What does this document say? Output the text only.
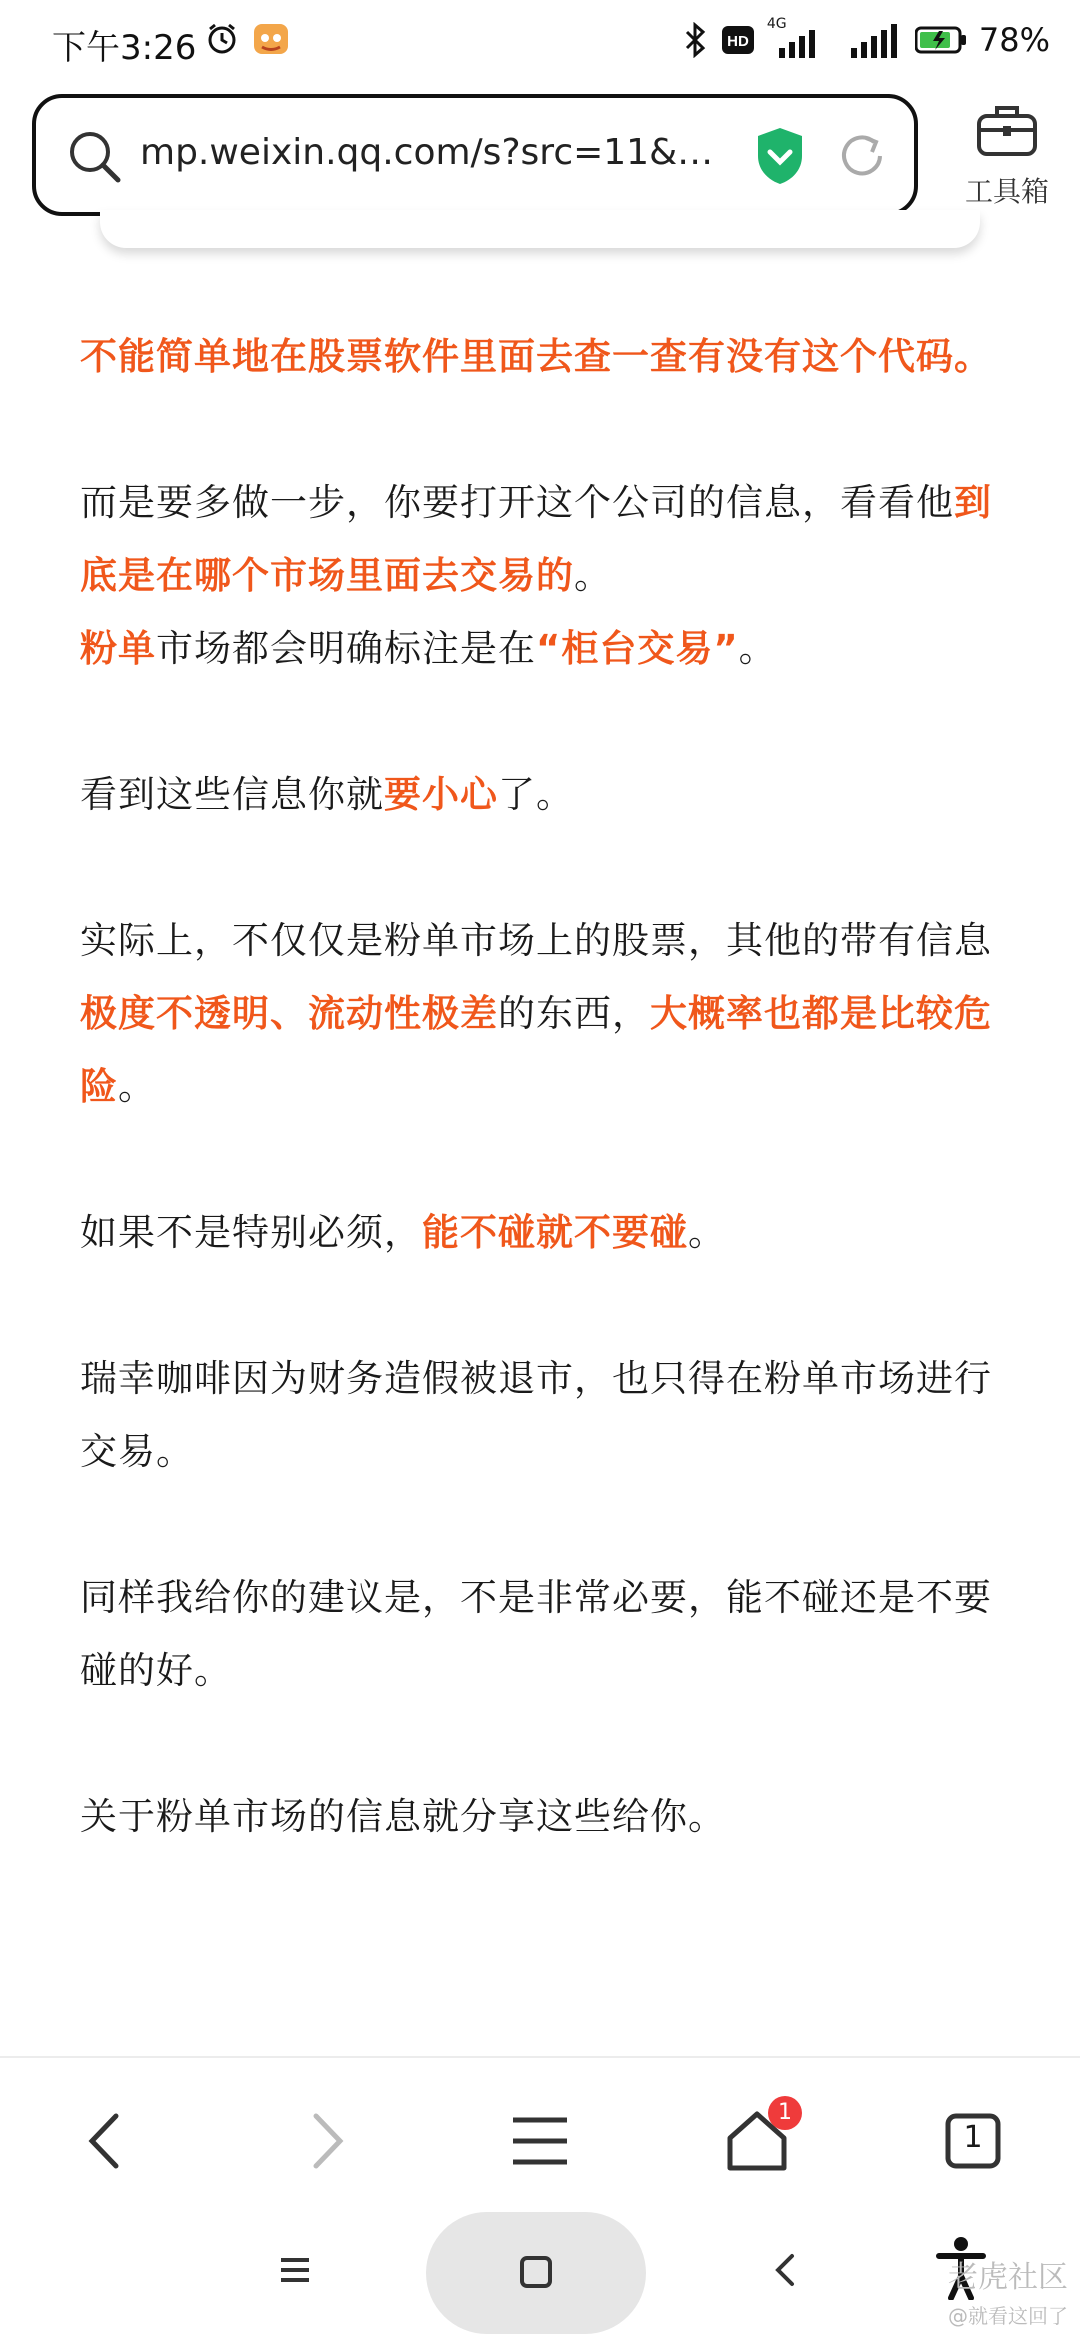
下午3:26	HD
4G	78%
mp.weixin.qq.com/s?src=11&…
工具箱

不能简单地在股票软件里面去查一查有没有这个代码。

而是要多做一步，你要打开这个公司的信息，看看他到底是在哪个市场里面去交易的。

粉单市场都会明确标注是在“柜台交易”。

看到这些信息你就要小心了。

实际上，不仅仅是粉单市场上的股票，其他的带有信息极度不透明、流动性极差的东西，大概率也都是比较危险。

如果不是特别必须，能不碰就不要碰。

瑞幸咖啡因为财务造假被退市，也只得在粉单市场进行交易。

同样我给你的建议是，不是非常必要，能不碰还是不要碰的好。

关于粉单市场的信息就分享这些给你。

1
1
老虎社区
@就看这回了
